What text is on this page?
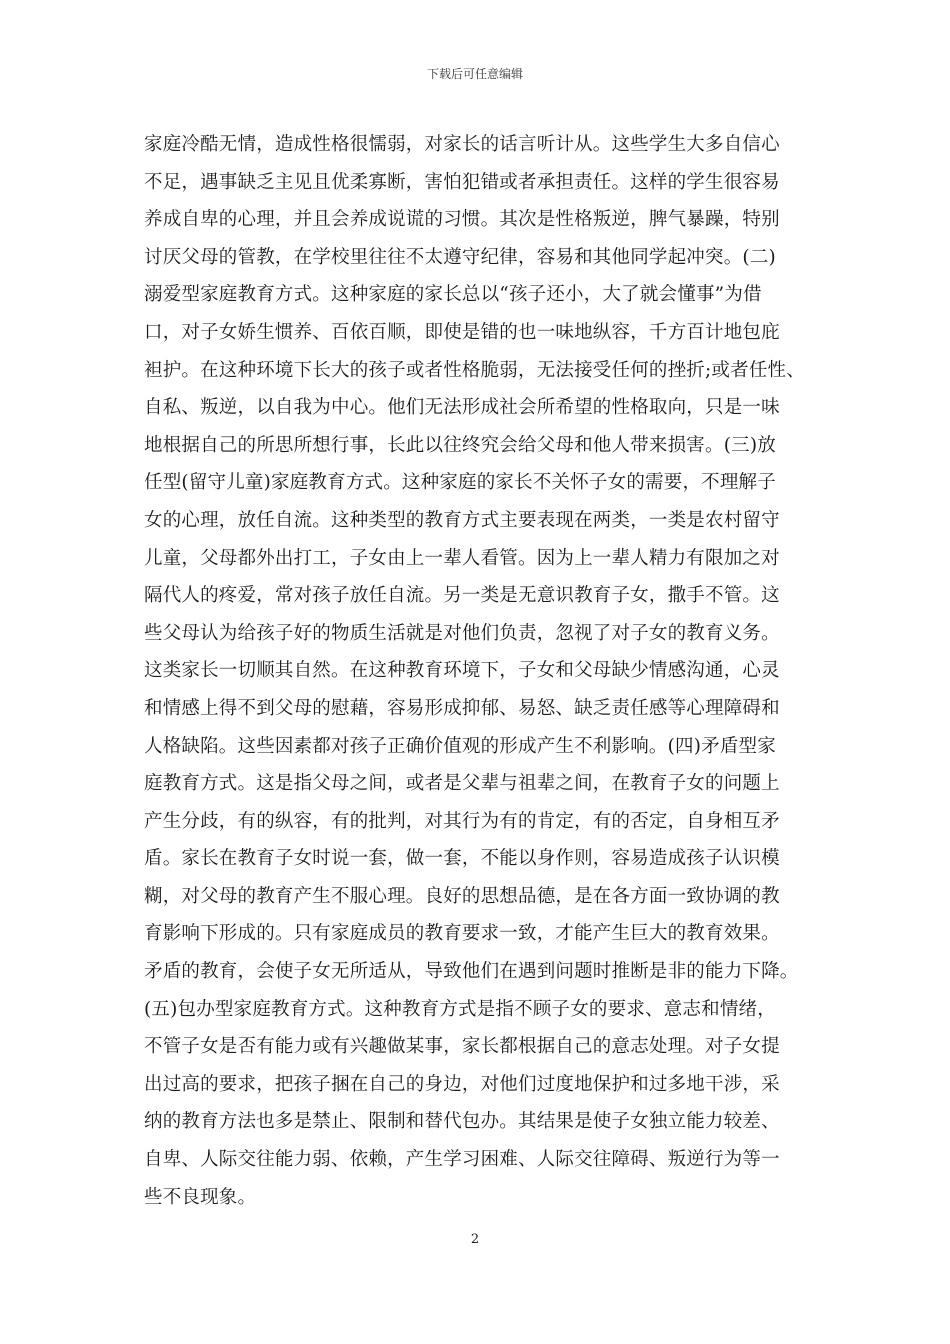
下载后可任意编辑
家庭冷酷无情，造成性格很懦弱，对家长的话言听计从。这些学生大多自信心
不足，遇事缺乏主见且优柔寡断，害怕犯错或者承担责任。这样的学生很容易
养成自卑的心理，并且会养成说谎的习惯。其次是性格叛逆，脾气暴躁，特别
讨厌父母的管教，在学校里往往不太遵守纪律，容易和其他同学起冲突。(二)
溺爱型家庭教育方式。这种家庭的家长总以“孩子还小，大了就会懂事”为借
口，对子女娇生惯养、百依百顺，即使是错的也一味地纵容，千方百计地包庇
袒护。在这种环境下长大的孩子或者性格脆弱，无法接受任何的挫折;或者任性、
自私、叛逆，以自我为中心。他们无法形成社会所希望的性格取向，只是一味
地根据自己的所思所想行事，长此以往终究会给父母和他人带来损害。(三)放
任型(留守儿童)家庭教育方式。这种家庭的家长不关怀子女的需要，不理解子
女的心理，放任自流。这种类型的教育方式主要表现在两类，一类是农村留守
儿童，父母都外出打工，子女由上一辈人看管。因为上一辈人精力有限加之对
隔代人的疼爱，常对孩子放任自流。另一类是无意识教育子女，撒手不管。这
些父母认为给孩子好的物质生活就是对他们负责，忽视了对子女的教育义务。
这类家长一切顺其自然。在这种教育环境下，子女和父母缺少情感沟通，心灵
和情感上得不到父母的慰藉，容易形成抑郁、易怒、缺乏责任感等心理障碍和
人格缺陷。这些因素都对孩子正确价值观的形成产生不利影响。(四)矛盾型家
庭教育方式。这是指父母之间，或者是父辈与祖辈之间，在教育子女的问题上
产生分歧，有的纵容，有的批判，对其行为有的肯定，有的否定，自身相互矛
盾。家长在教育子女时说一套，做一套，不能以身作则，容易造成孩子认识模
糊，对父母的教育产生不服心理。良好的思想品德，是在各方面一致协调的教
育影响下形成的。只有家庭成员的教育要求一致，才能产生巨大的教育效果。
矛盾的教育，会使子女无所适从，导致他们在遇到问题时推断是非的能力下降。
(五)包办型家庭教育方式。这种教育方式是指不顾子女的要求、意志和情绪，
不管子女是否有能力或有兴趣做某事，家长都根据自己的意志处理。对子女提
出过高的要求，把孩子捆在自己的身边，对他们过度地保护和过多地干涉，采
纳的教育方法也多是禁止、限制和替代包办。其结果是使子女独立能力较差、
自卑、人际交往能力弱、依赖，产生学习困难、人际交往障碍、叛逆行为等一
些不良现象。
2
